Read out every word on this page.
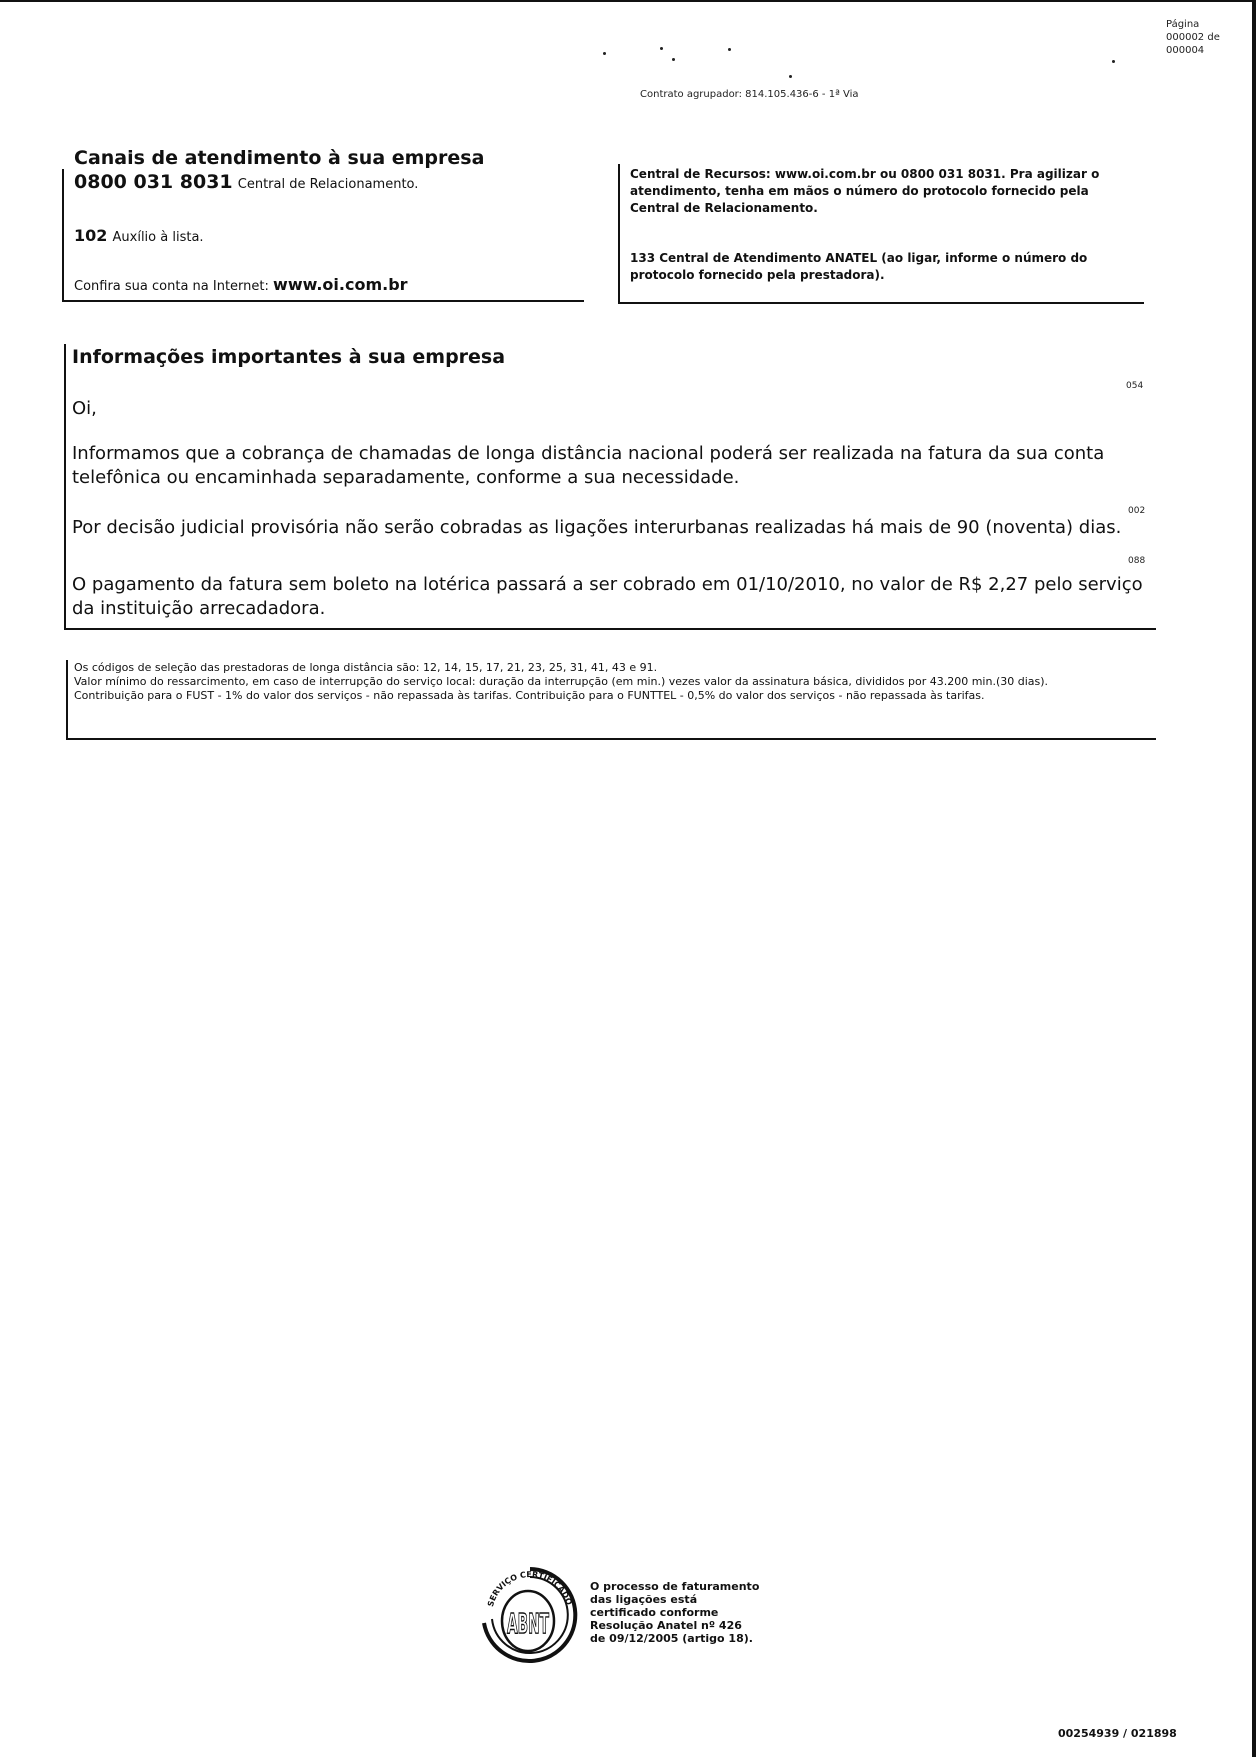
Página
000002 de 000004
Contrato agrupador: 814.105.436-6 - 1ª Via
Canais de atendimento à sua empresa
0800 031 8031 Central de Relacionamento.
102 Auxílio à lista.
Confira sua conta na Internet: www.oi.com.br
Central de Recursos: www.oi.com.br ou 0800 031 8031. Pra agilizar o atendimento, tenha em mãos o número do protocolo fornecido pela Central de Relacionamento.
133 Central de Atendimento ANATEL (ao ligar, informe o número do protocolo fornecido pela prestadora).
Informações importantes à sua empresa
054
Oi,
Informamos que a cobrança de chamadas de longa distância nacional poderá ser realizada na fatura da sua conta telefônica ou encaminhada separadamente, conforme a sua necessidade.
002
Por decisão judicial provisória não serão cobradas as ligações interurbanas realizadas há mais de 90 (noventa) dias.
088
O pagamento da fatura sem boleto na lotérica passará a ser cobrado em 01/10/2010, no valor de R$ 2,27 pelo serviço da instituição arrecadadora.
Os códigos de seleção das prestadoras de longa distância são: 12, 14, 15, 17, 21, 23, 25, 31, 41, 43 e 91.
Valor mínimo do ressarcimento, em caso de interrupção do serviço local: duração da interrupção (em min.) vezes valor da assinatura básica, divididos por 43.200 min.(30 dias).
Contribuição para o FUST - 1% do valor dos serviços - não repassada às tarifas. Contribuição para o FUNTTEL - 0,5% do valor dos serviços - não repassada às tarifas.
SERVIÇO CERTIFICADO
ABNT
O processo de faturamento das ligações está certificado conforme Resolução Anatel nº 426 de 09/12/2005 (artigo 18).
00254939 / 021898
